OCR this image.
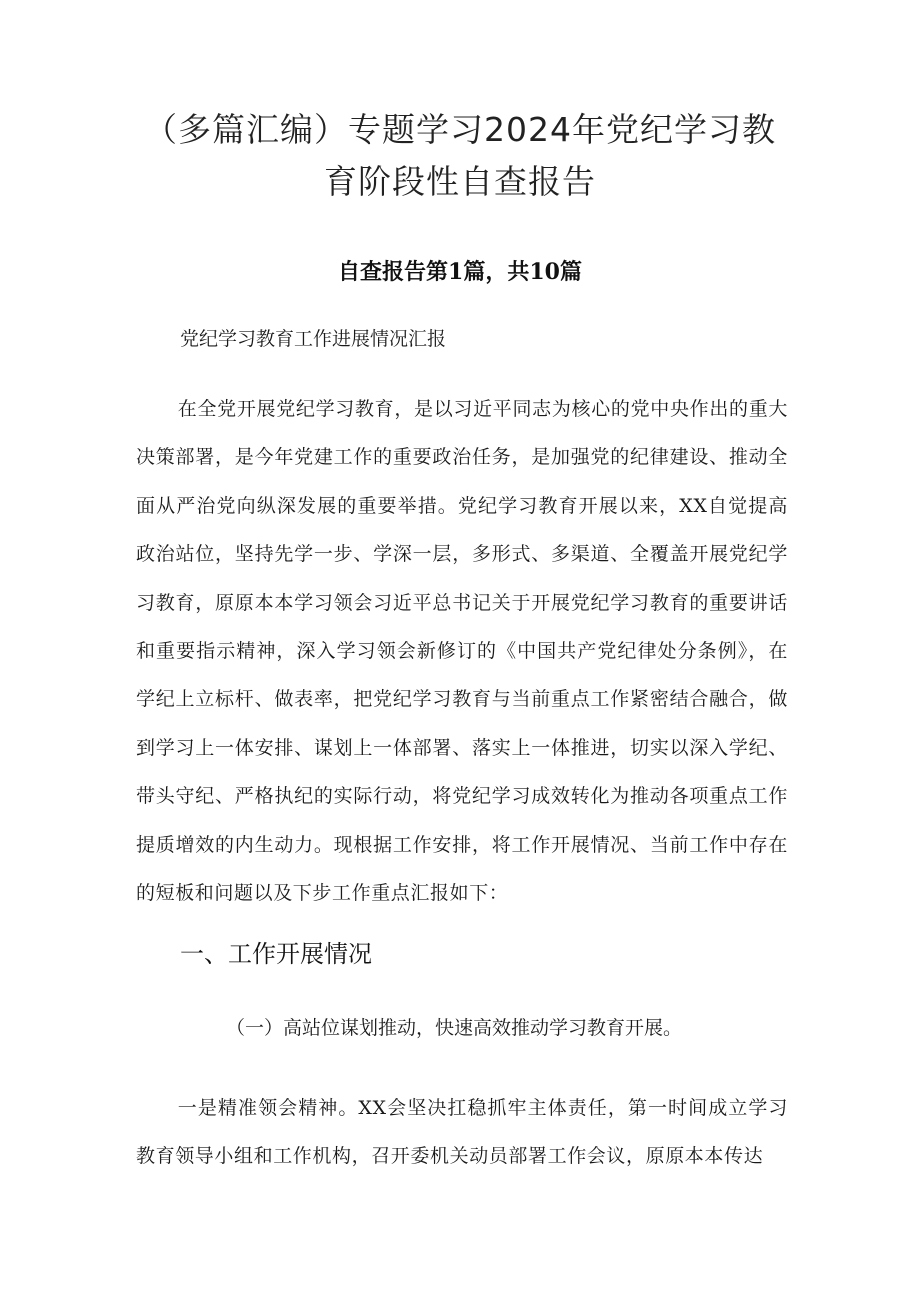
（多篇汇编）专题学习2024年党纪学习教
育阶段性自查报告
自查报告第1篇，共10篇

党纪学习教育工作进展情况汇报

在全党开展党纪学习教育，是以习近平同志为核心的党中央作出的重大决策部署，是今年党建工作的重要政治任务，是加强党的纪律建设、推动全面从严治党向纵深发展的重要举措。党纪学习教育开展以来，XX自觉提高政治站位，坚持先学一步、学深一层，多形式、多渠道、全覆盖开展党纪学习教育，原原本本学习领会习近平总书记关于开展党纪学习教育的重要讲话和重要指示精神，深入学习领会新修订的《中国共产党纪律处分条例》，在学纪上立标杆、做表率，把党纪学习教育与当前重点工作紧密结合融合，做到学习上一体安排、谋划上一体部署、落实上一体推进，切实以深入学纪、带头守纪、严格执纪的实际行动，将党纪学习成效转化为推动各项重点工作提质增效的内生动力。现根据工作安排，将工作开展情况、当前工作中存在的短板和问题以及下步工作重点汇报如下：

一、工作开展情况

（一）高站位谋划推动，快速高效推动学习教育开展。

一是精准领会精神。XX会坚决扛稳抓牢主体责任，第一时间成立学习教育领导小组和工作机构，召开委机关动员部署工作会议，原原本本传达
